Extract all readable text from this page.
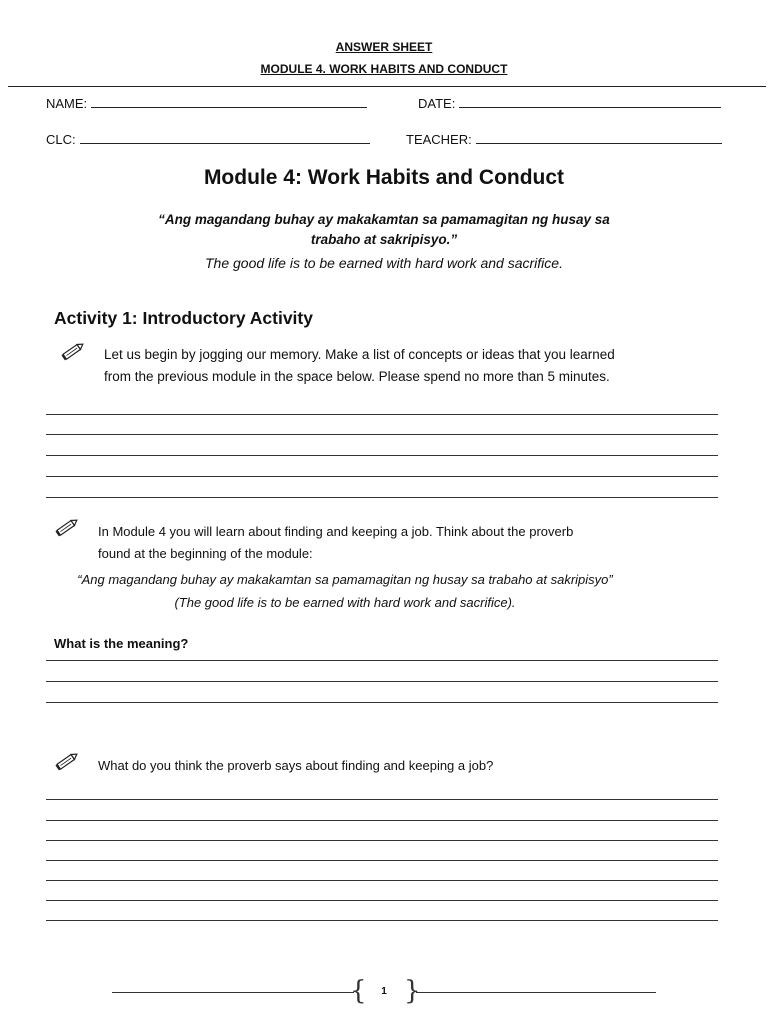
ANSWER SHEET
MODULE 4. WORK HABITS AND CONDUCT
NAME:	DATE:
CLC:	TEACHER:
Module 4: Work Habits and Conduct
“Ang magandang buhay ay makakamtan sa pamamagitan ng husay sa
trabaho at sakripisyo.”
The good life is to be earned with hard work and sacrifice.
Activity 1: Introductory Activity
Let us begin by jogging our memory. Make a list of concepts or ideas that you learned
from the previous module in the space below. Please spend no more than 5 minutes.
In Module 4 you will learn about finding and keeping a job. Think about the proverb
found at the beginning of the module:
“Ang magandang buhay ay makakamtan sa pamamagitan ng husay sa trabaho at sakripisyo”
(The good life is to be earned with hard work and sacrifice).
What is the meaning?
What do you think the proverb says about finding and keeping a job?
{	1 }
